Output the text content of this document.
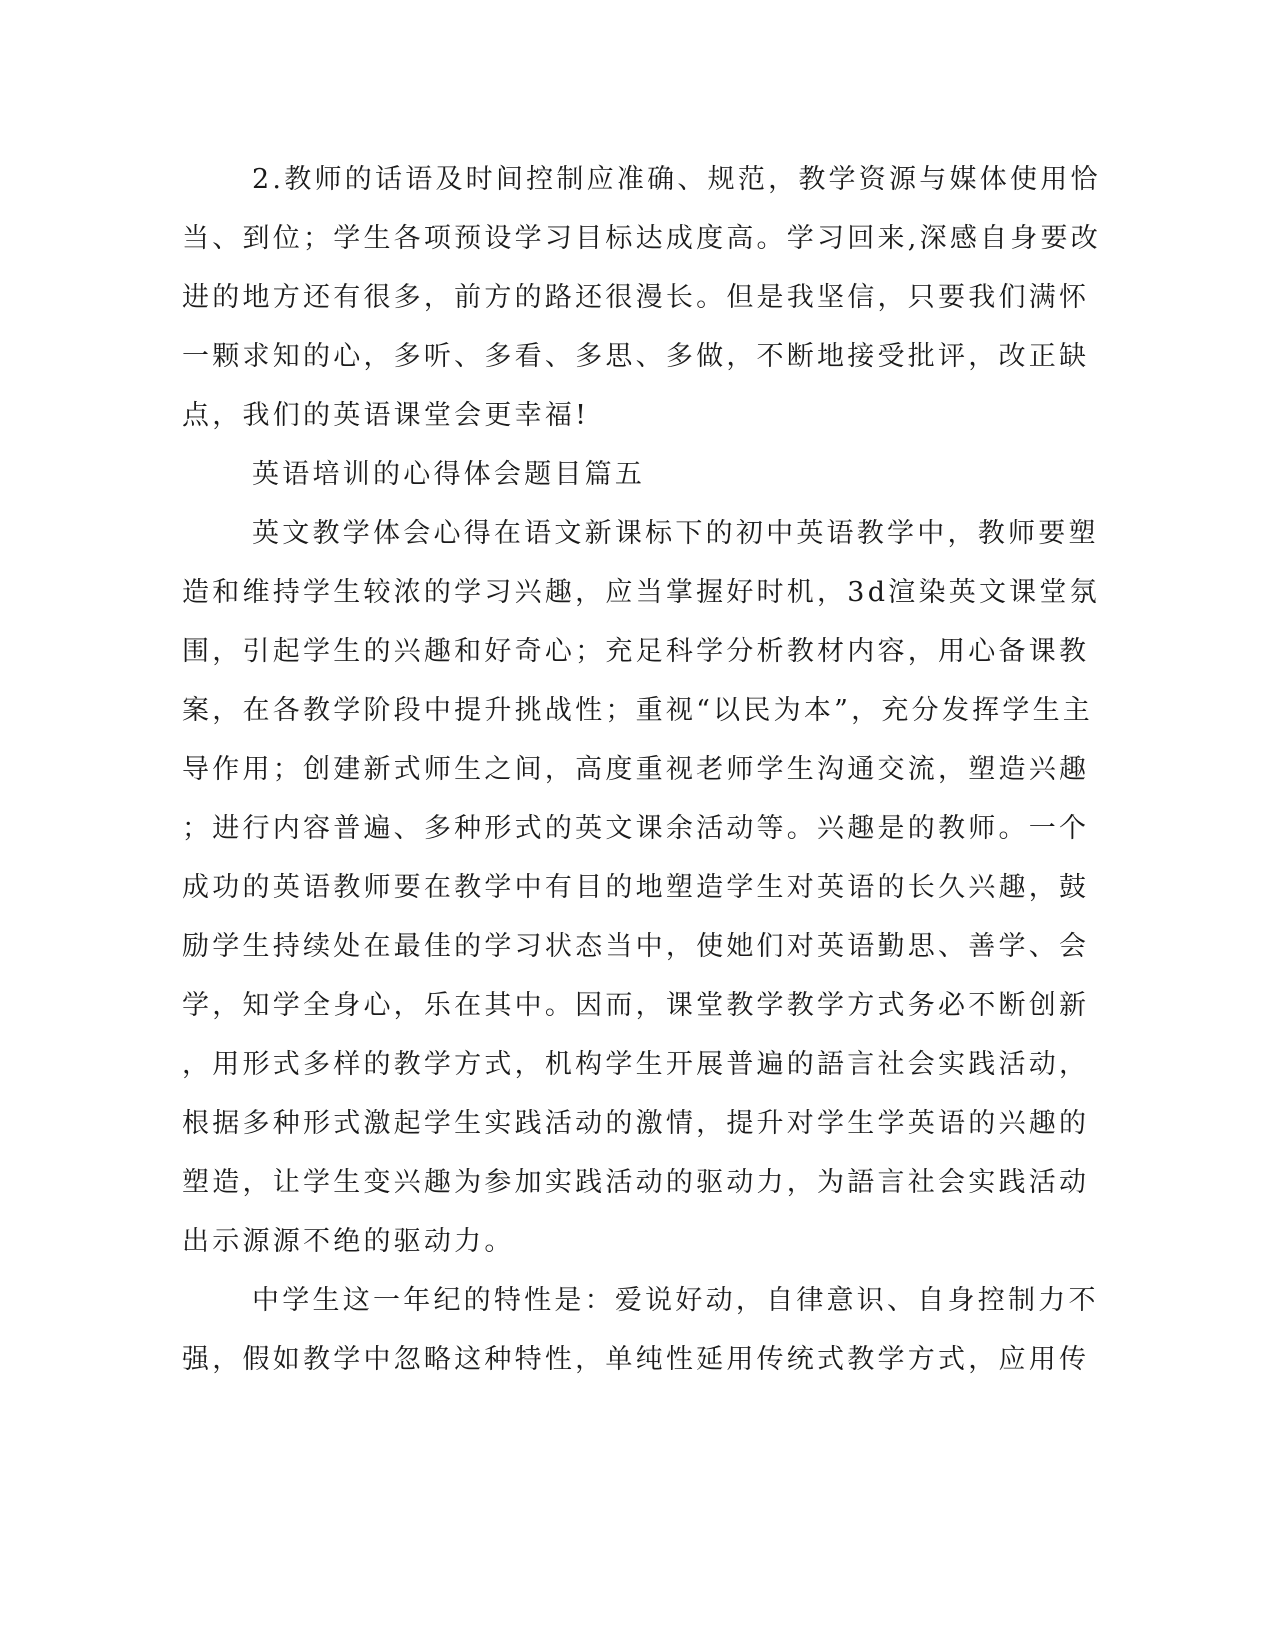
2.教师的话语及时间控制应准确、规范，教学资源与媒体使用恰
当、到位；学生各项预设学习目标达成度高。学习回来,深感自身要改
进的地方还有很多，前方的路还很漫长。但是我坚信，只要我们满怀
一颗求知的心，多听、多看、多思、多做，不断地接受批评，改正缺
点，我们的英语课堂会更幸福!
英语培训的心得体会题目篇五
英文教学体会心得在语文新课标下的初中英语教学中，教师要塑
造和维持学生较浓的学习兴趣，应当掌握好时机，3d渲染英文课堂氛
围，引起学生的兴趣和好奇心；充足科学分析教材内容，用心备课教
案，在各教学阶段中提升挑战性；重视“以民为本”，充分发挥学生主
导作用；创建新式师生之间，高度重视老师学生沟通交流，塑造兴趣
；进行内容普遍、多种形式的英文课余活动等。兴趣是的教师。一个
成功的英语教师要在教学中有目的地塑造学生对英语的长久兴趣，鼓
励学生持续处在最佳的学习状态当中，使她们对英语勤思、善学、会
学，知学全身心，乐在其中。因而，课堂教学教学方式务必不断创新
，用形式多样的教学方式，机构学生开展普遍的語言社会实践活动，
根据多种形式激起学生实践活动的激情，提升对学生学英语的兴趣的
塑造，让学生变兴趣为参加实践活动的驱动力，为語言社会实践活动
出示源源不绝的驱动力。
中学生这一年纪的特性是：爱说好动，自律意识、自身控制力不
强，假如教学中忽略这种特性，单纯性延用传统式教学方式，应用传
